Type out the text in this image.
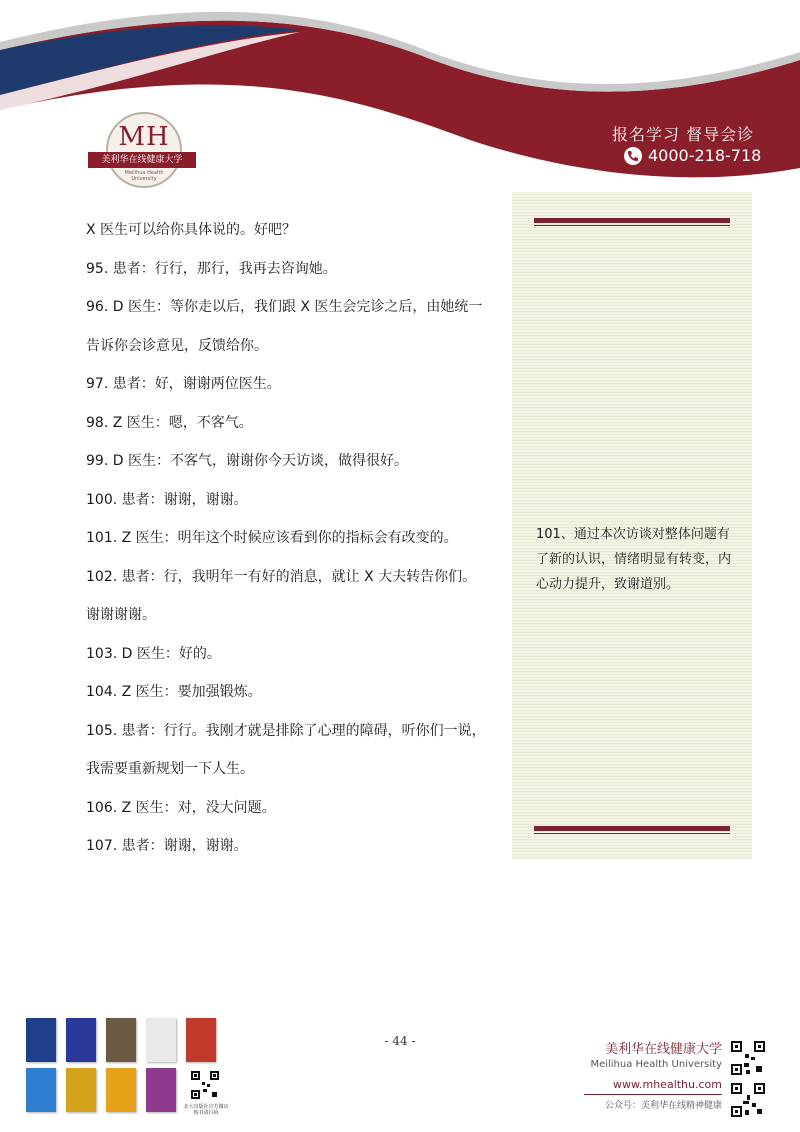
MH
美利华在线健康大学
Meilihua Health University
报名学习 督导会诊
4000-218-718
X 医生可以给你具体说的。好吧？
95. 患者：行行，那行，我再去咨询她。
96. D 医生：等你走以后，我们跟 X 医生会完诊之后，由她统一
告诉你会诊意见，反馈给你。
97. 患者：好，谢谢两位医生。
98. Z 医生：嗯，不客气。
99. D 医生：不客气，谢谢你今天访谈，做得很好。
100. 患者：谢谢，谢谢。
101. Z 医生：明年这个时候应该看到你的指标会有改变的。
102. 患者：行，我明年一有好的消息，就让 X 大夫转告你们。
谢谢谢谢。
103. D 医生：好的。
104. Z 医生：要加强锻炼。
105. 患者：行行。我刚才就是排除了心理的障碍，听你们一说，
我需要重新规划一下人生。
106. Z 医生：对，没大问题。
107. 患者：谢谢，谢谢。
101、通过本次访谈对整体问题有了新的认识，情绪明显有转变，内心动力提升，致谢道别。
北大出版社官方微店 购书请扫码
- 44 -
美利华在线健康大学
Meilihua Health University
www.mhealthu.com
公众号：美利华在线精神健康
